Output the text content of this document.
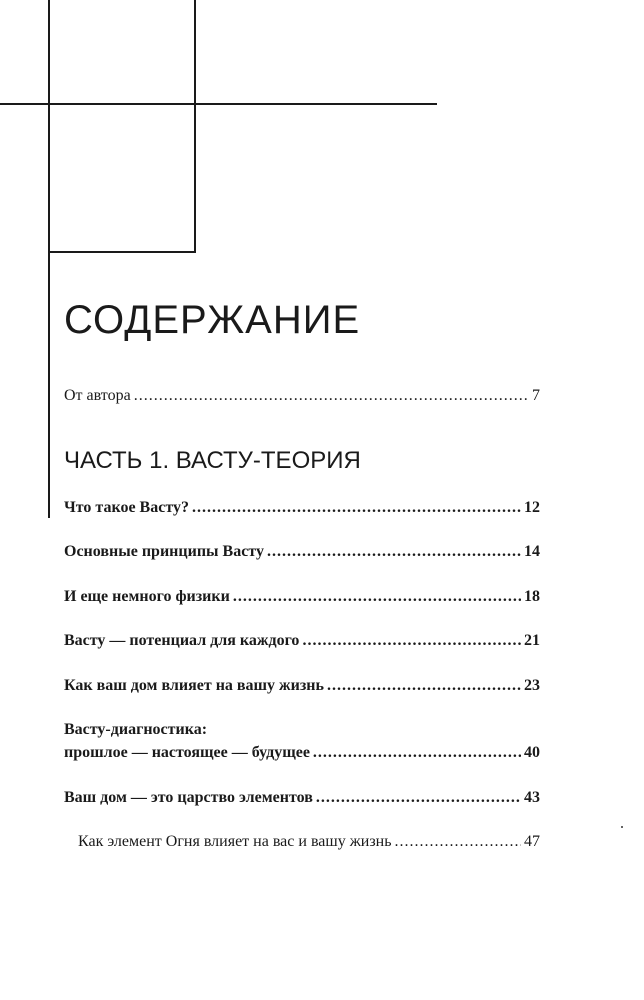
СОДЕРЖАНИЕ
От автора .....	7
ЧАСТЬ 1. ВАСТУ-ТЕОРИЯ
Что такое Васту? .....	12
Основные принципы Васту .....	14
И еще немного физики .....	18
Васту — потенциал для каждого .....	21
Как ваш дом влияет на вашу жизнь .....	23
Васту-диагностика:
прошлое — настоящее — будущее .....	40
Ваш дом — это царство элементов .....	43
Как элемент Огня влияет на вас и вашу жизнь .....	47
